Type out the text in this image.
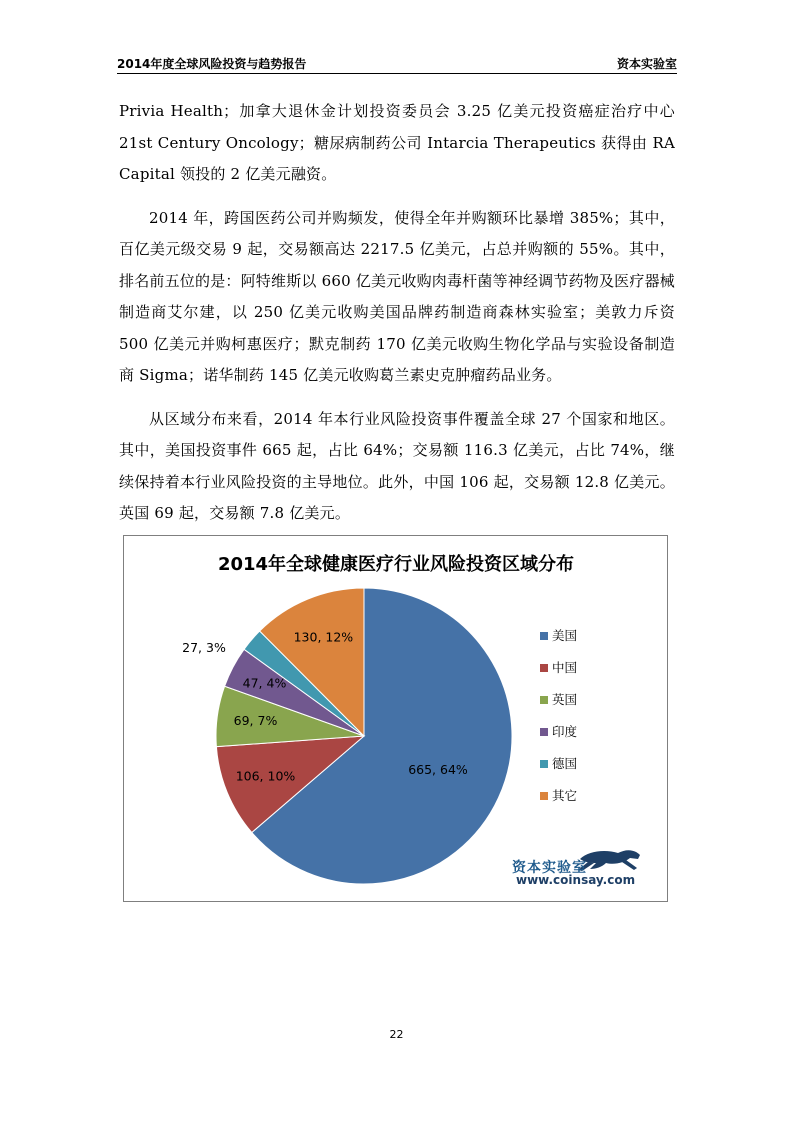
2014年度全球风险投资与趋势报告	资本实验室

Privia Health；加拿大退休金计划投资委员会 3.25 亿美元投资癌症治疗中心 21st Century Oncology；糖尿病制药公司 Intarcia Therapeutics 获得由 RA Capital 领投的 2 亿美元融资。

2014 年，跨国医药公司并购频发，使得全年并购额环比暴增 385%；其中，百亿美元级交易 9 起，交易额高达 2217.5 亿美元，占总并购额的 55%。其中，排名前五位的是：阿特维斯以 660 亿美元收购肉毒杆菌等神经调节药物及医疗器械制造商艾尔建，以 250 亿美元收购美国品牌药制造商森林实验室；美敦力斥资 500 亿美元并购柯惠医疗；默克制药 170 亿美元收购生物化学品与实验设备制造商 Sigma；诺华制药 145 亿美元收购葛兰素史克肿瘤药品业务。

从区域分布来看，2014 年本行业风险投资事件覆盖全球 27 个国家和地区。其中，美国投资事件 665 起，占比 64%；交易额 116.3 亿美元，占比 74%，继续保持着本行业风险投资的主导地位。此外，中国 106 起，交易额 12.8 亿美元。英国 69 起，交易额 7.8 亿美元。

2014年全球健康医疗行业风险投资区域分布
665, 64%
106, 10%
69, 7%
47, 4%
27, 3%
130, 12%	美国
中国
英国
印度
德国
其它
资本实验室
www.coinsay.com
22
